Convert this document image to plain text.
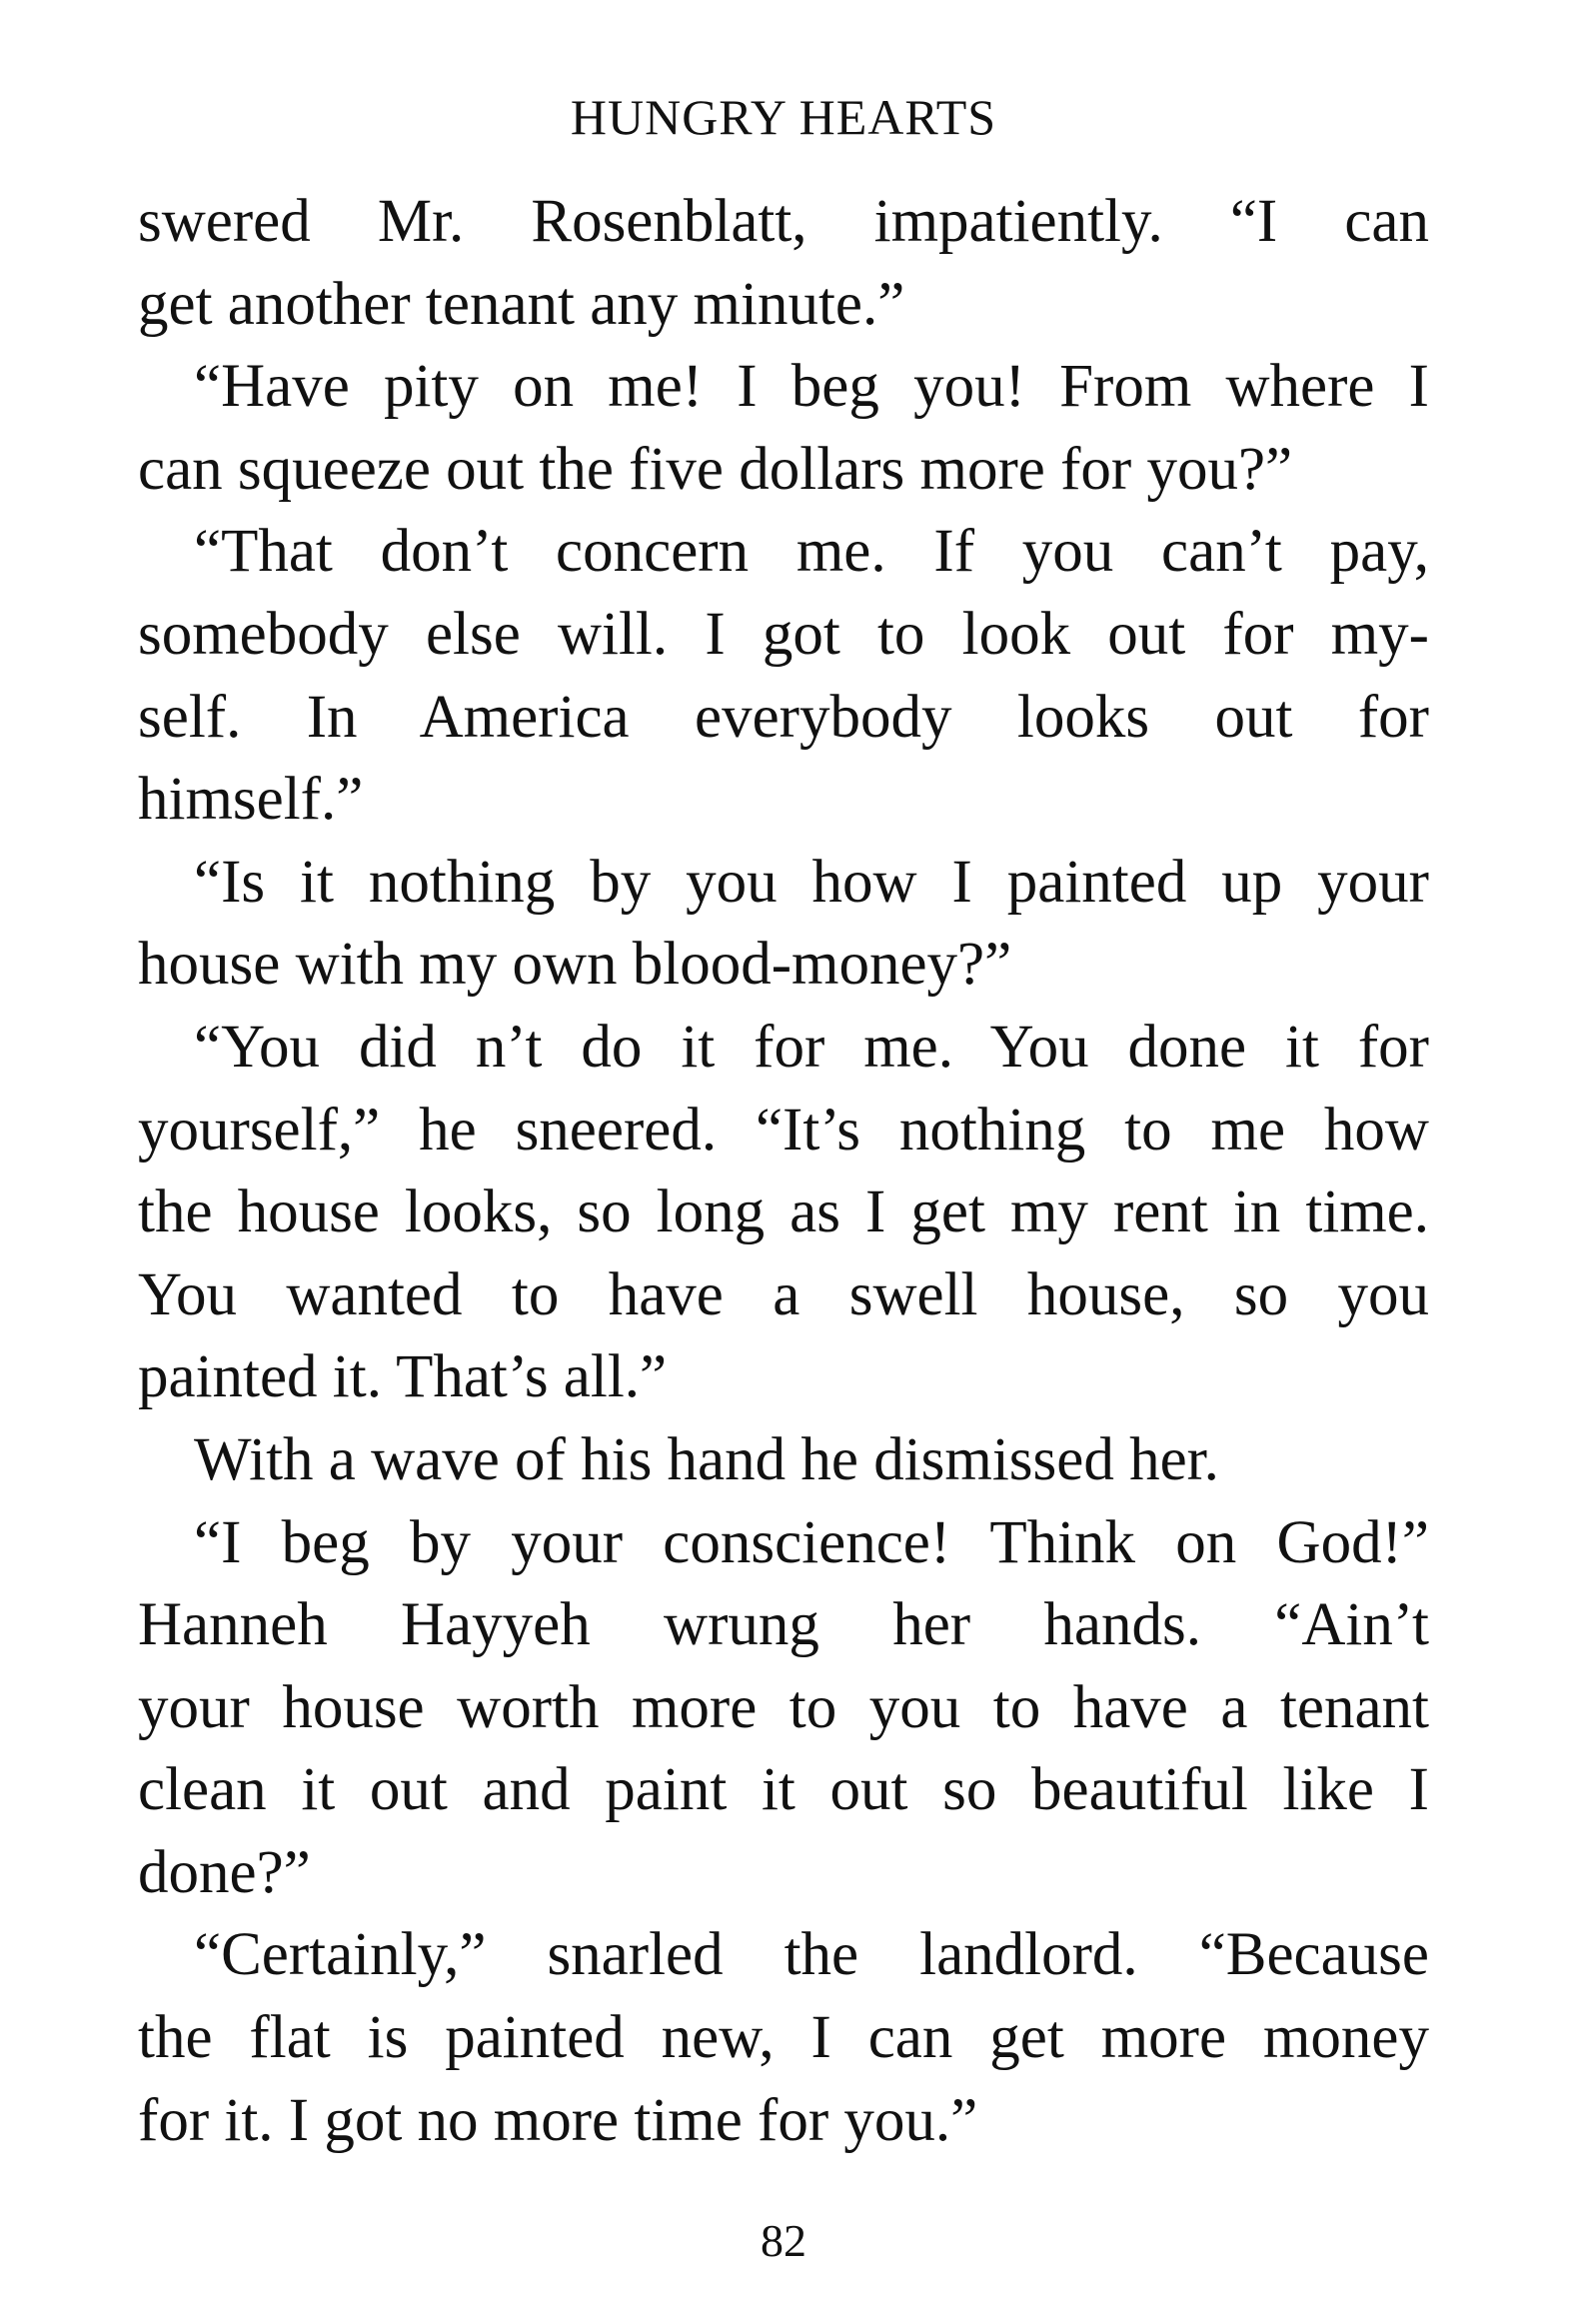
HUNGRY HEARTS
swered Mr. Rosenblatt, impatiently. “I can
get another tenant any minute.”
“Have pity on me! I beg you! From where I
can squeeze out the five dollars more for you?”
“That don’t concern me. If you can’t pay,
somebody else will. I got to look out for my-
self. In America everybody looks out for
himself.”
“Is it nothing by you how I painted up your
house with my own blood-money?”
“You did n’t do it for me. You done it for
yourself,” he sneered. “It’s nothing to me how
the house looks, so long as I get my rent in time.
You wanted to have a swell house, so you
painted it. That’s all.”
With a wave of his hand he dismissed her.
“I beg by your conscience! Think on God!”
Hanneh Hayyeh wrung her hands. “Ain’t
your house worth more to you to have a tenant
clean it out and paint it out so beautiful like I
done?”
“Certainly,” snarled the landlord. “Because
the flat is painted new, I can get more money
for it. I got no more time for you.”
82
